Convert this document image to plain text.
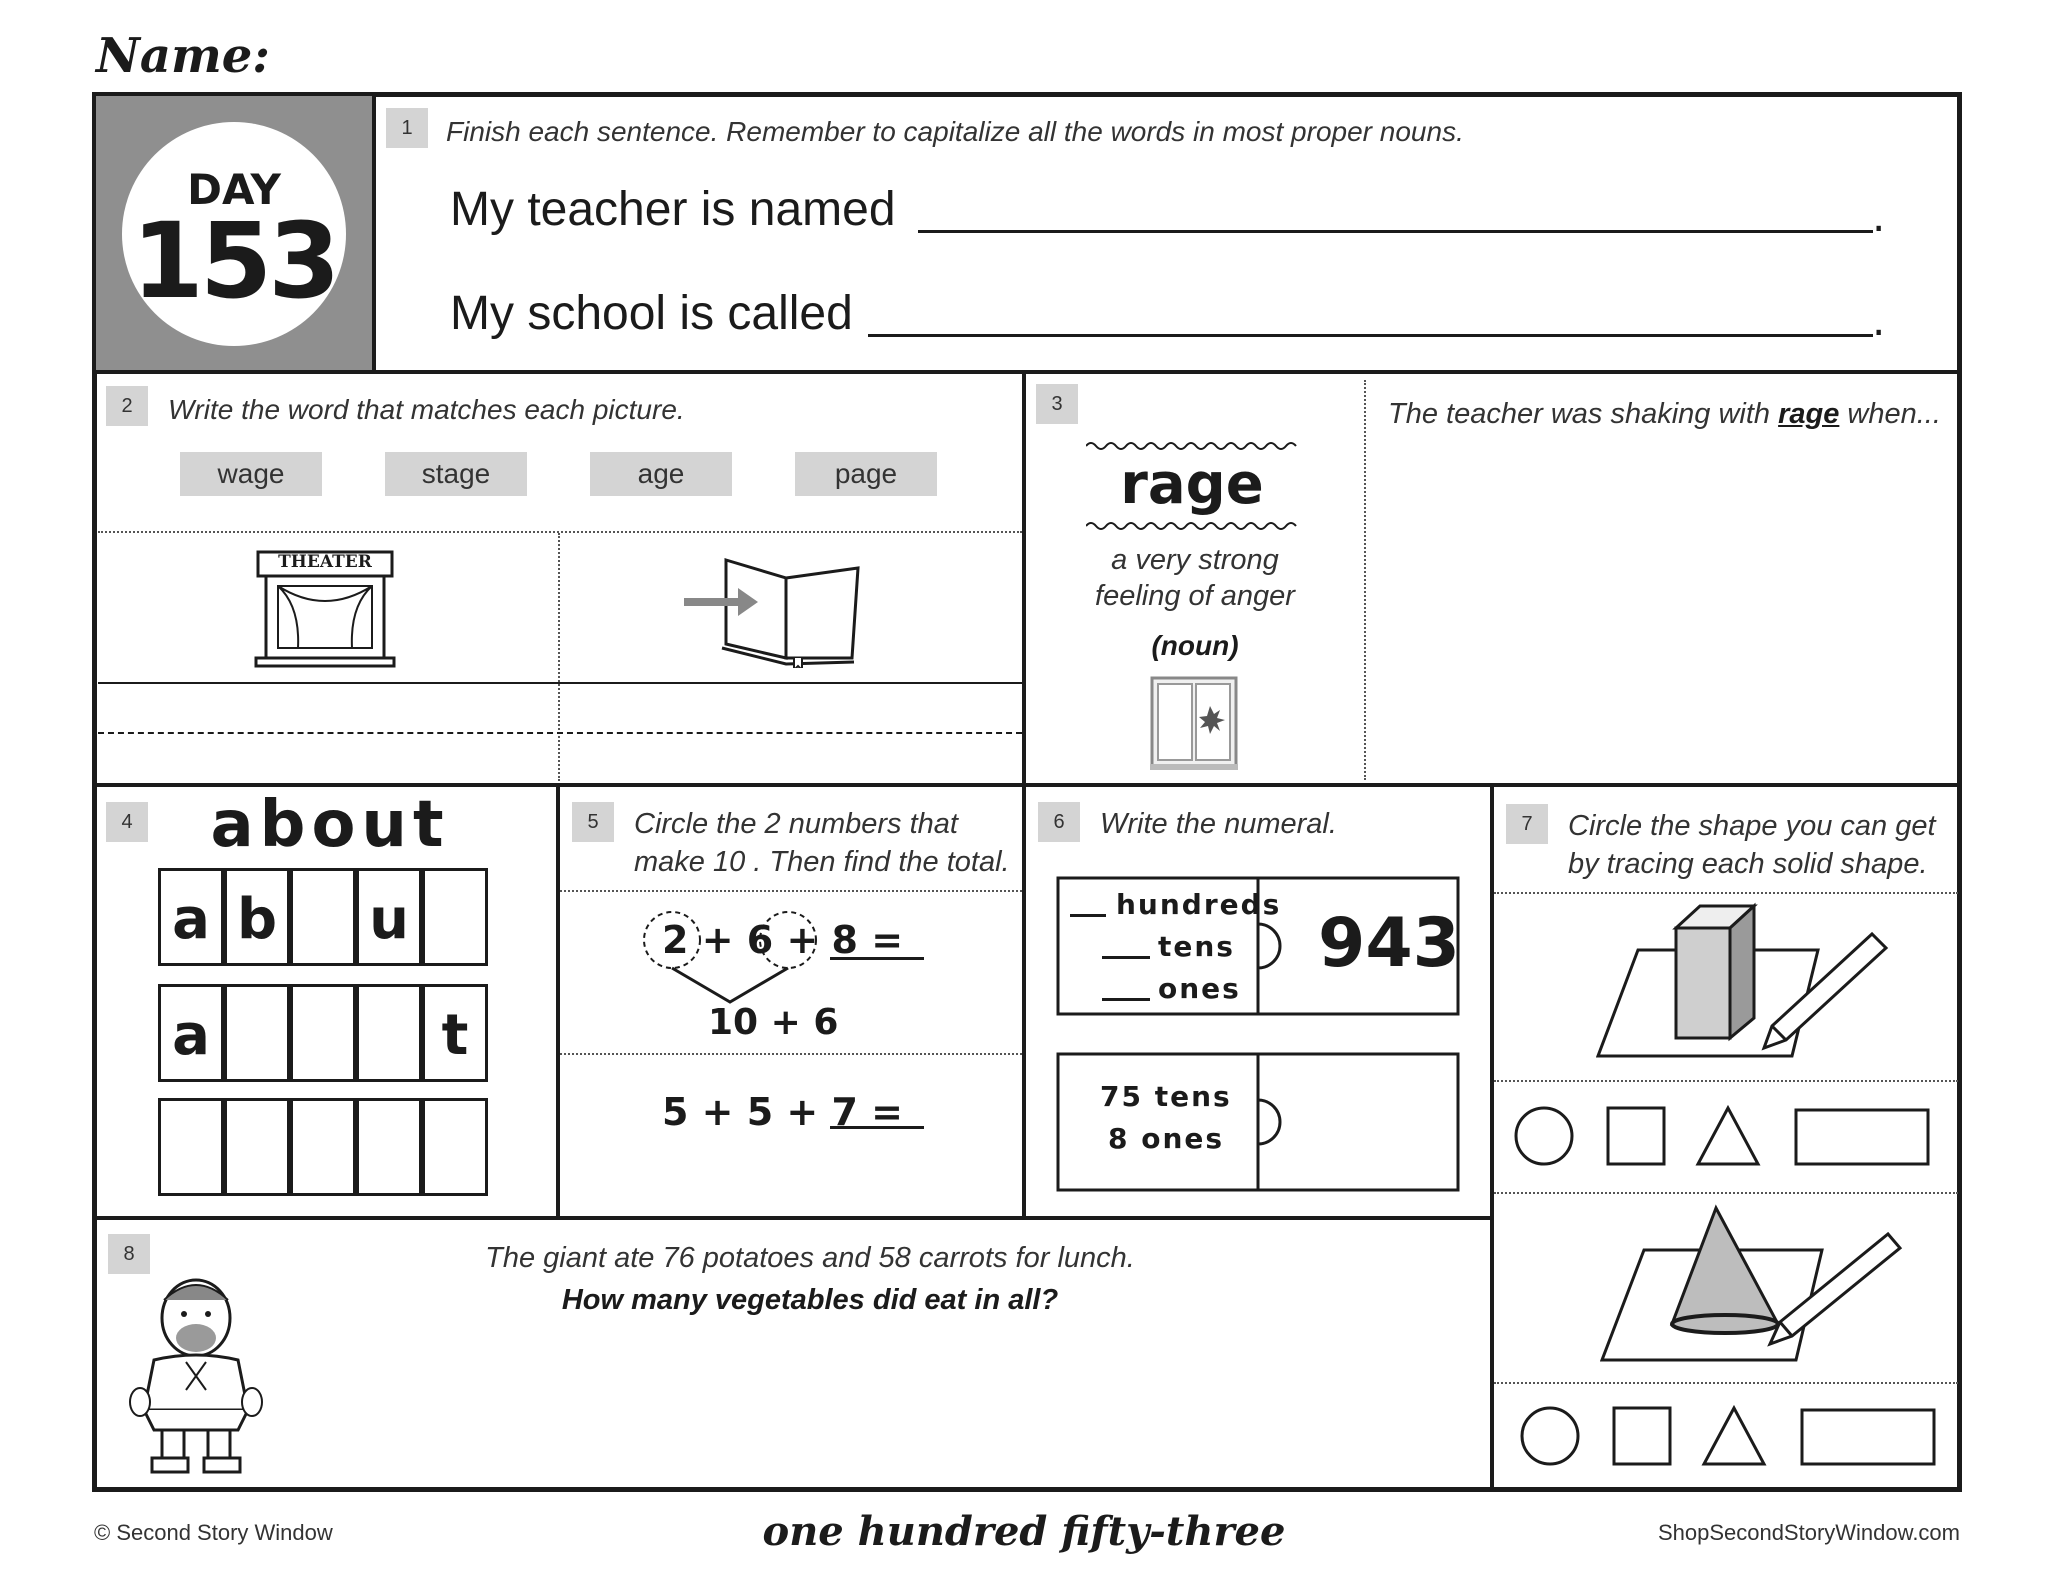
Name:
DAY
153
1	Finish each sentence. Remember to capitalize all the words in most proper nouns.
My teacher is named	.
My school is called	.
2	Write the word that matches each picture.
wage	stage	age	page
THEATER
3
rage
a very strong
feeling of anger
(noun)
The teacher was shaking with rage when...
4	about
a b u
a	t
5	Circle the 2 numbers that
make 10 . Then find the total.
2 + 6 + 8 =
10 + 6
5 + 5 + 7 =
6	Write the numeral.
hundreds
tens
ones
943
75 tens
8 ones
7	Circle the shape you can get
by tracing each solid shape.
8	The giant ate 76 potatoes and 58 carrots for lunch.
How many vegetables did eat in all?
© Second Story Window	one hundred fifty-three	ShopSecondStoryWindow.com
